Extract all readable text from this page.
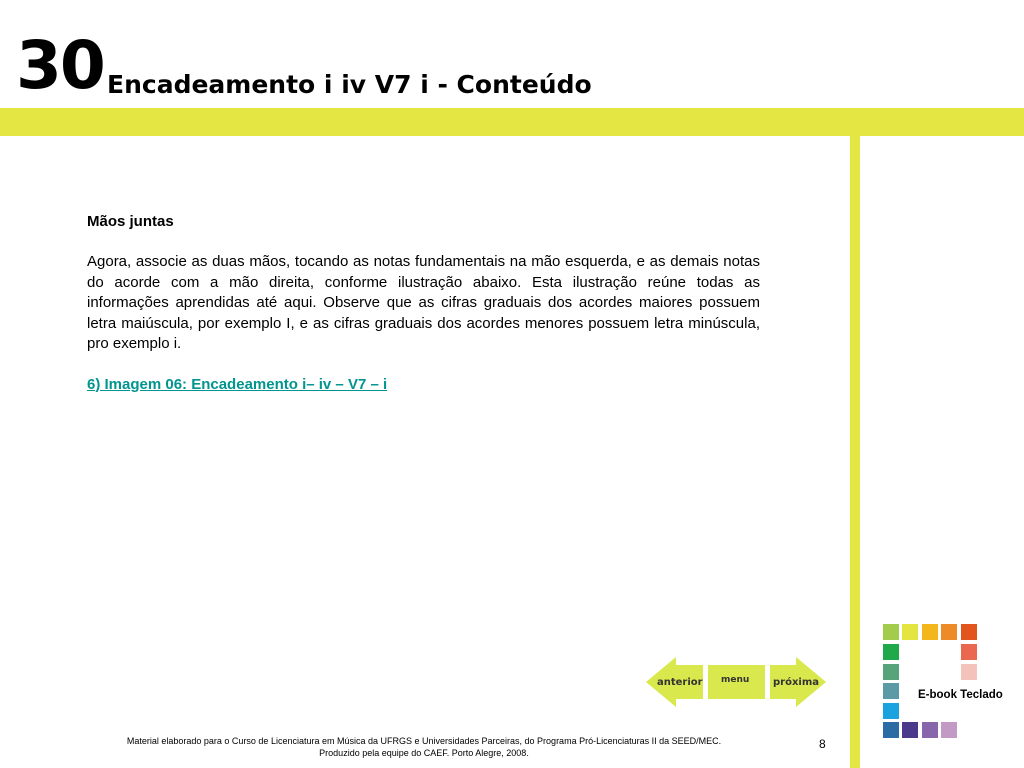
30 Encadeamento i iv V7 i - Conteúdo

Mãos juntas

Agora, associe as duas mãos, tocando as notas fundamentais na mão esquerda, e as demais notas do acorde com a mão direita, conforme ilustração abaixo. Esta ilustração reúne todas as informações aprendidas até aqui. Observe que as cifras graduais dos acordes maiores possuem letra maiúscula, por exemplo I, e as cifras graduais dos acordes menores possuem letra minúscula, pro exemplo i.

6) Imagem 06: Encadeamento i– iv – V7 – i
anterior menu próxima
E-book Teclado
Material elaborado para o Curso de Licenciatura em Música da UFRGS e Universidades Parceiras, do Programa Pró-Licenciaturas II da SEED/MEC.
Produzido pela equipe do CAEF. Porto Alegre, 2008.
8
